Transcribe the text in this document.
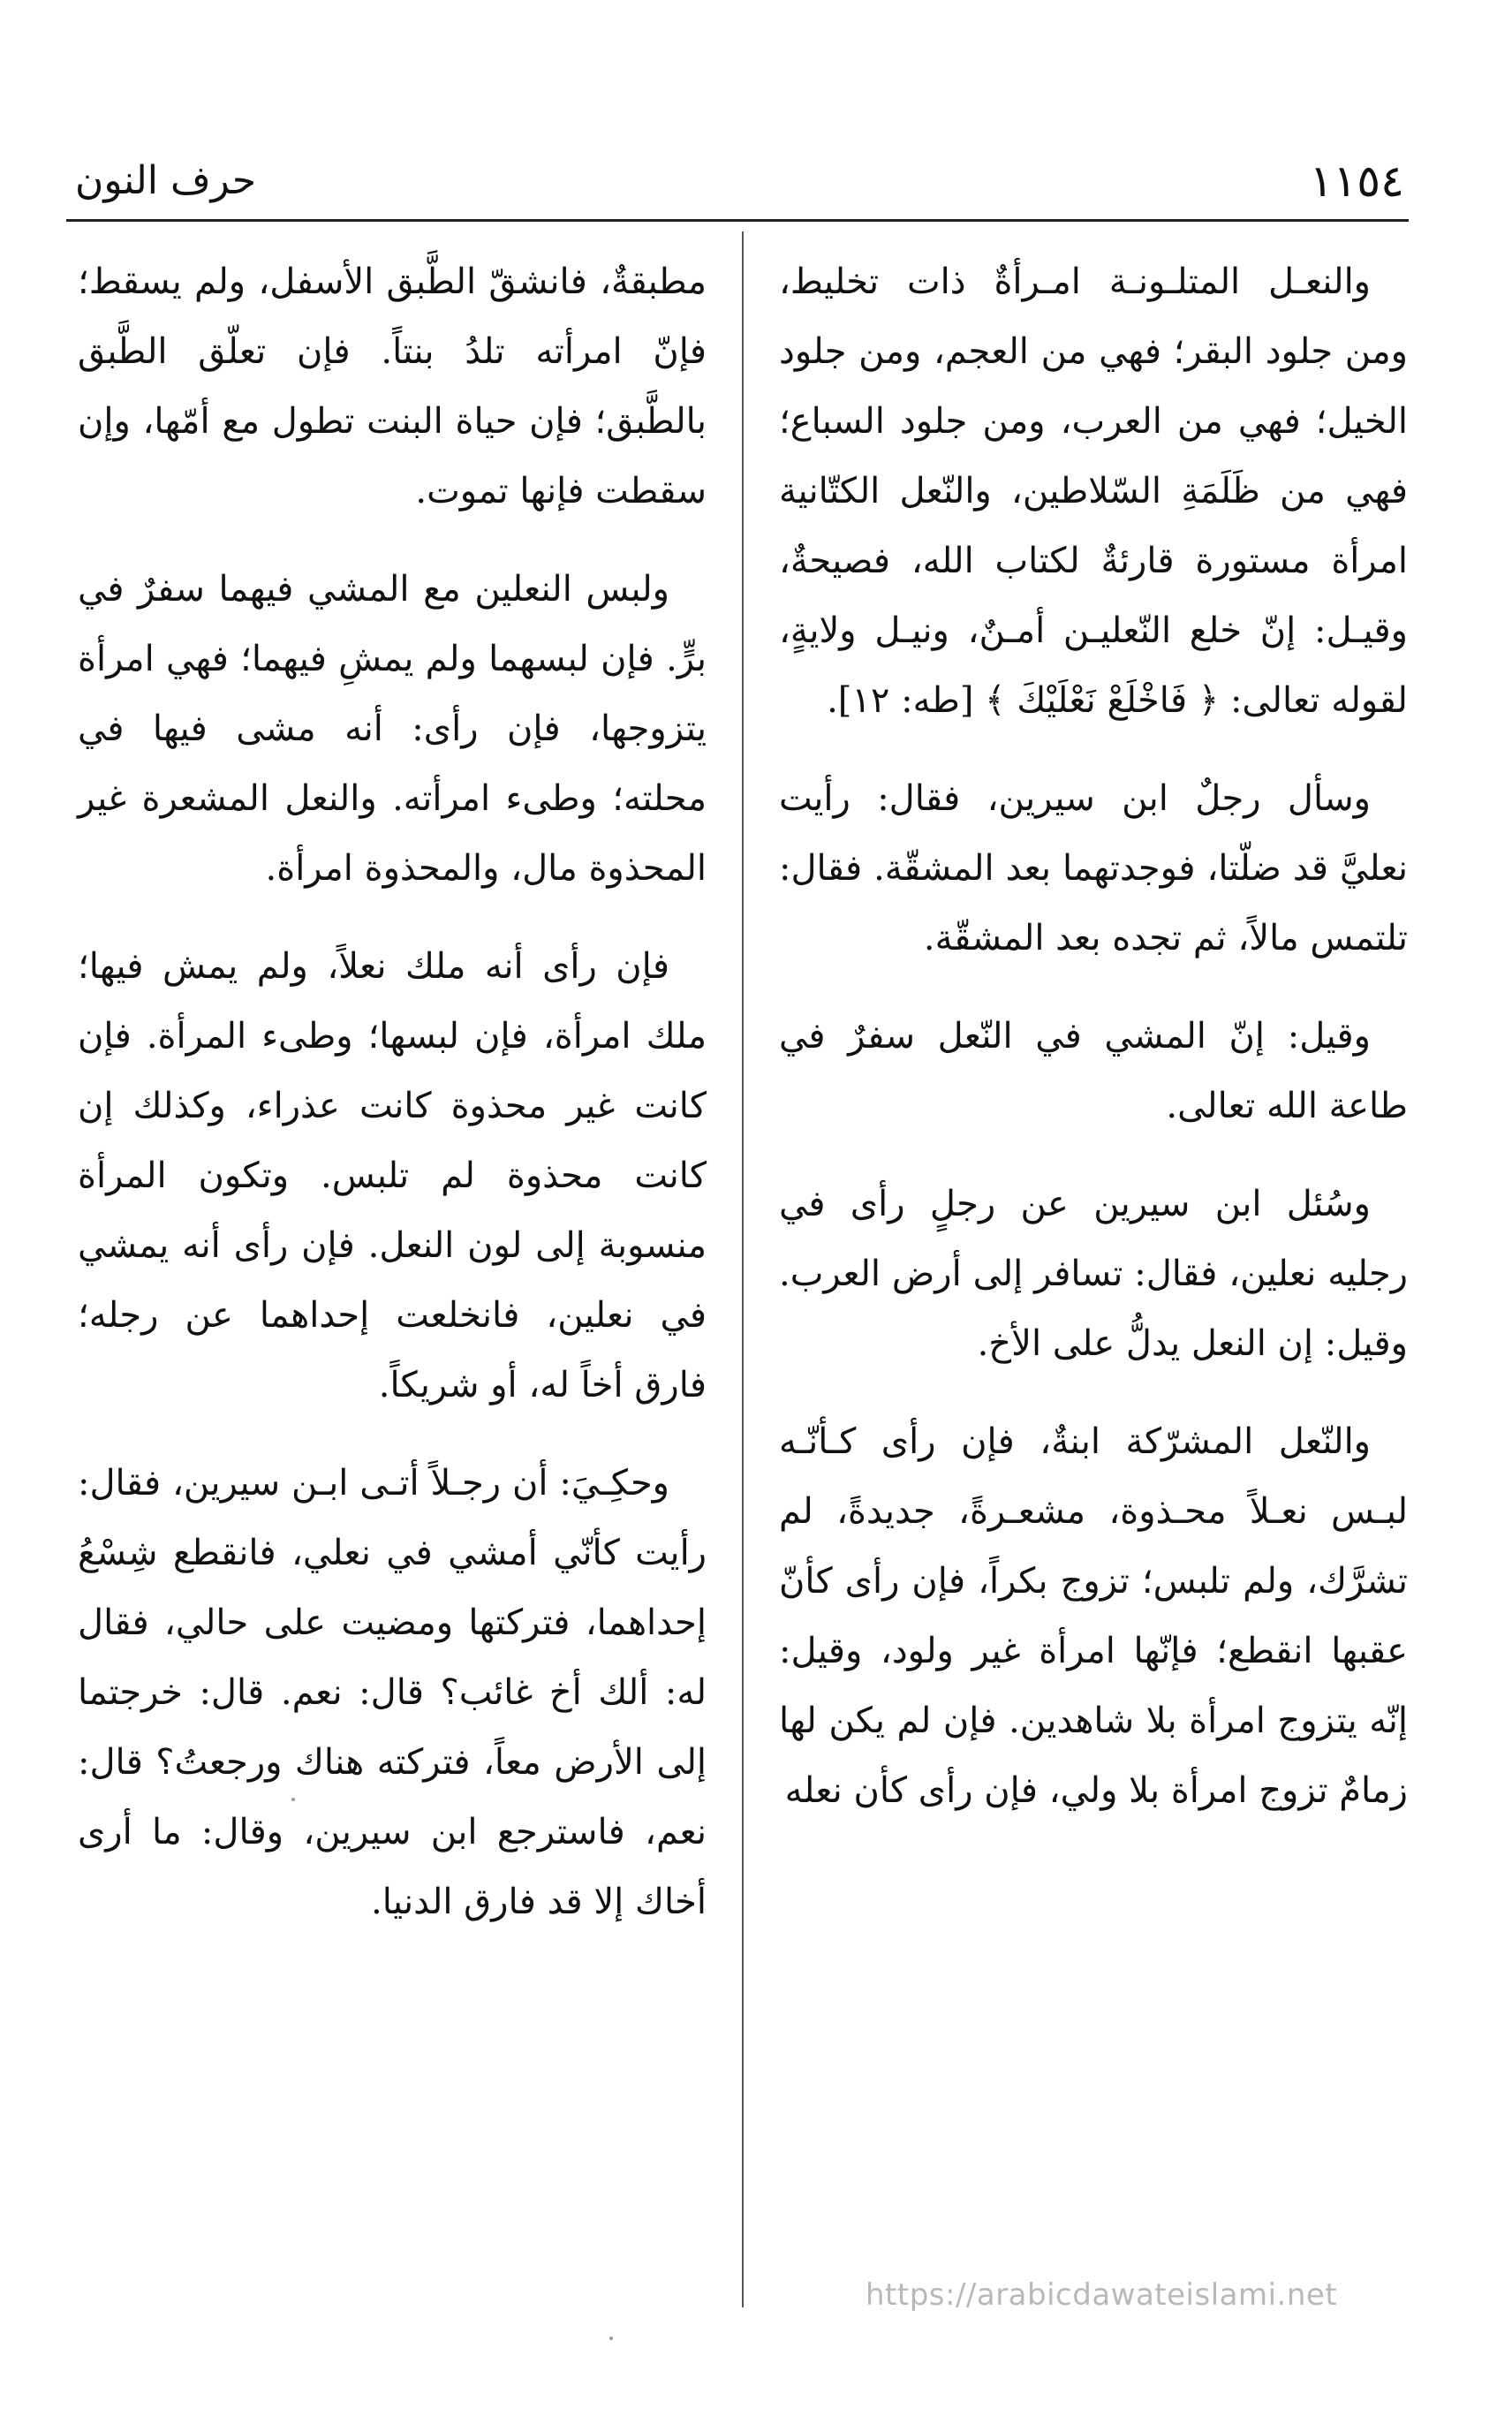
١١٥٤
حرف النون

والنعـل المتلـونـة امـرأةٌ ذات تخليط، ومن جلود البقر؛ فهي من العجم، ومن جلود الخيل؛ فهي من العرب، ومن جلود السباع؛ فهي من ظَلَمَةِ السّلاطين، والنّعل الكتّانية امرأة مستورة قارئةٌ لكتاب الله، فصيحةٌ، وقيـل: إنّ خلع النّعليـن أمـنٌ، ونيـل ولايةٍ، لقوله تعالى: ﴿ فَاخْلَعْ نَعْلَيْكَ ﴾ [طه: ١٢].

وسأل رجلٌ ابن سيرين، فقال: رأيت نعليَّ قد ضلّتا، فوجدتهما بعد المشقّة. فقال: تلتمس مالاً، ثم تجده بعد المشقّة.

وقيل: إنّ المشي في النّعل سفرٌ في طاعة الله تعالى.

وسُئل ابن سيرين عن رجلٍ رأى في رجليه نعلين، فقال: تسافر إلى أرض العرب. وقيل: إن النعل يدلُّ على الأخ.

والنّعل المشرّكة ابنةٌ، فإن رأى كـأنّـه لبـس نعـلاً محـذوة، مشعـرةً، جديدةً، لم تشرَّك، ولم تلبس؛ تزوج بكراً، فإن رأى كأنّ عقبها انقطع؛ فإنّها امرأة غير ولود، وقيل: إنّه يتزوج امرأة بلا شاهدين. فإن لم يكن لها زمامٌ تزوج امرأة بلا ولي، فإن رأى كأن نعله

مطبقةٌ، فانشقّ الطَّبق الأسفل، ولم يسقط؛ فإنّ امرأته تلدُ بنتاً. فإن تعلّق الطَّبق بالطَّبق؛ فإن حياة البنت تطول مع أمّها، وإن سقطت فإنها تموت.

ولبس النعلين مع المشي فيهما سفرٌ في برٍّ. فإن لبسهما ولم يمشِ فيهما؛ فهي امرأة يتزوجها، فإن رأى: أنه مشى فيها في محلته؛ وطىء امرأته. والنعل المشعرة غير المحذوة مال، والمحذوة امرأة.

فإن رأى أنه ملك نعلاً، ولم يمش فيها؛ ملك امرأة، فإن لبسها؛ وطىء المرأة. فإن كانت غير محذوة كانت عذراء، وكذلك إن كانت محذوة لم تلبس. وتكون المرأة منسوبة إلى لون النعل. فإن رأى أنه يمشي في نعلين، فانخلعت إحداهما عن رجله؛ فارق أخاً له، أو شريكاً.

وحكِـيَ: أن رجـلاً أتـى ابـن سيرين، فقال: رأيت كأنّي أمشي في نعلي، فانقطع شِسْعُ إحداهما، فتركتها ومضيت على حالي، فقال له: ألك أخ غائب؟ قال: نعم. قال: خرجتما إلى الأرض معاً، فتركته هناك ورجعتُ؟ قال: نعم، فاسترجع ابن سيرين، وقال: ما أرى أخاك إلا قد فارق الدنيا.

https://arabicdawateislami.net
